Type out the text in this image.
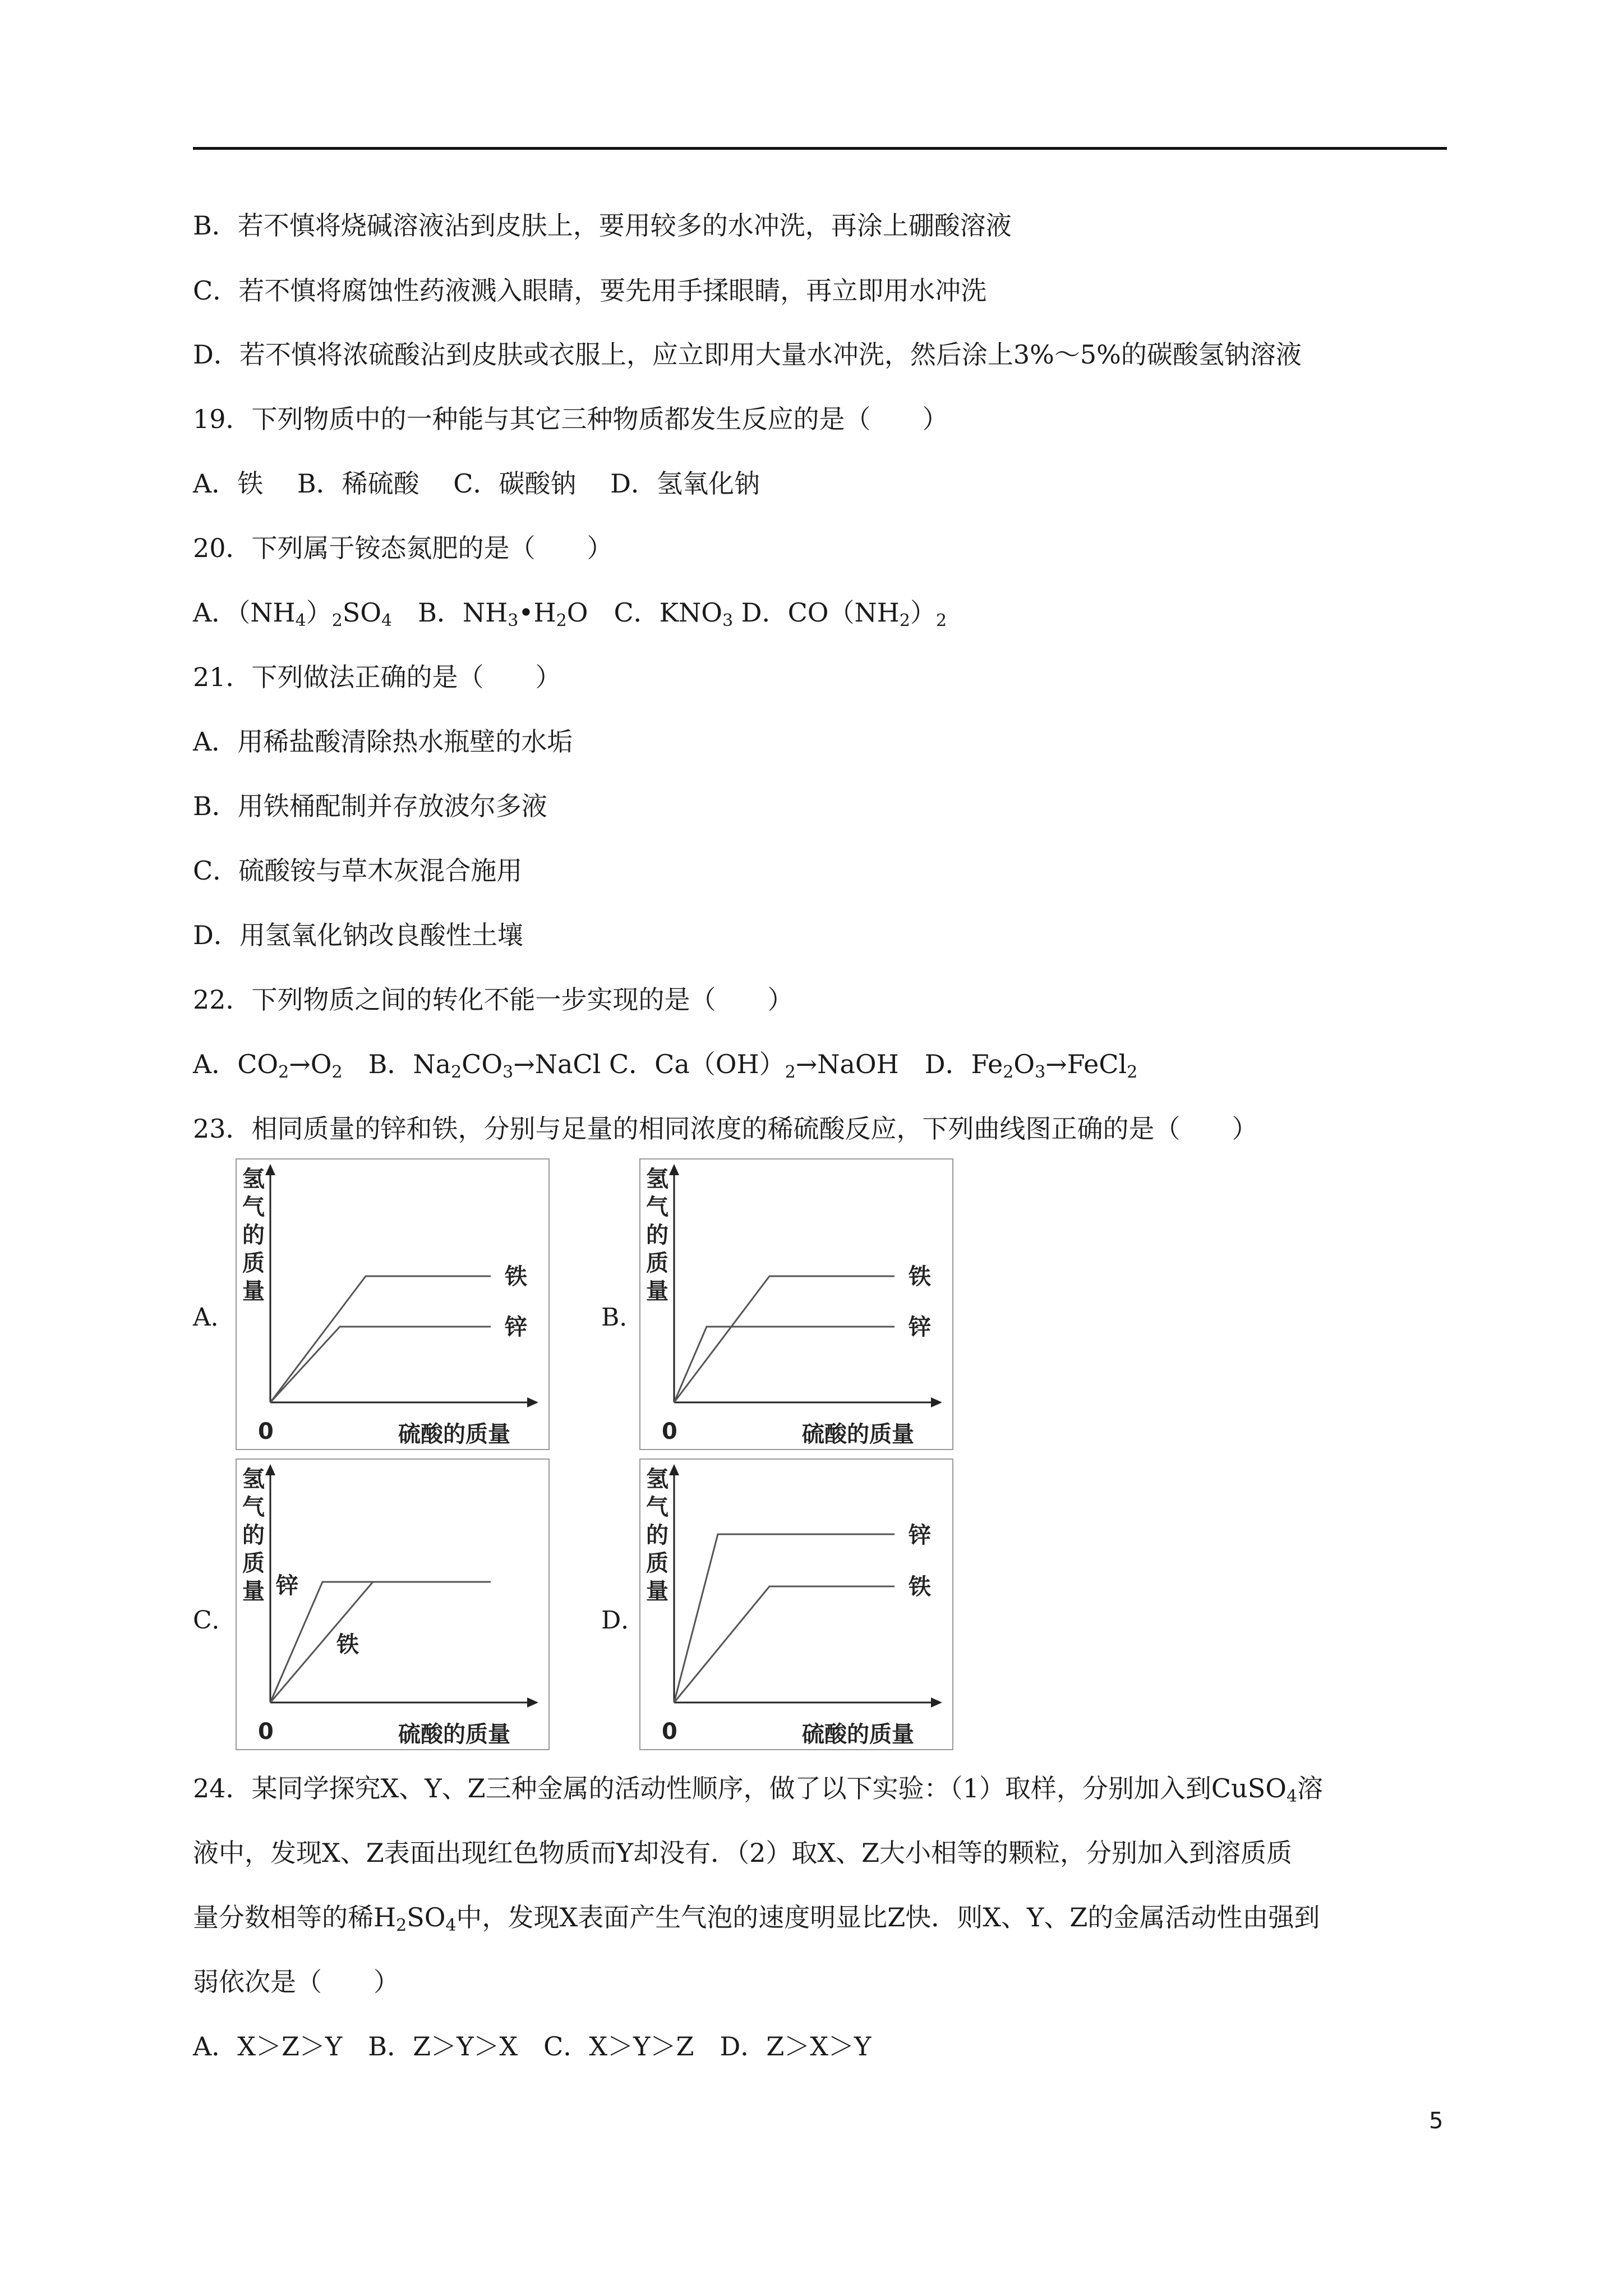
B．若不慎将烧碱溶液沾到皮肤上，要用较多的水冲洗，再涂上硼酸溶液
C．若不慎将腐蚀性药液溅入眼睛，要先用手揉眼睛，再立即用水冲洗
D．若不慎将浓硫酸沾到皮肤或衣服上，应立即用大量水冲洗，然后涂上3%～5%的碳酸氢钠溶液
19．下列物质中的一种能与其它三种物质都发生反应的是（　　）
A．铁　 B．稀硫酸　 C．碳酸钠　 D．氢氧化钠
20．下列属于铵态氮肥的是（　　）
A．$(NH_4)_2SO_4$　B．$NH_3•H_2O$　C．$KNO_3$ D．$CO(NH_2)_2$
21．下列做法正确的是（　　）
A．用稀盐酸清除热水瓶壁的水垢
B．用铁桶配制并存放波尔多液
C．硫酸铵与草木灰混合施用
D．用氢氧化钠改良酸性土壤
22．下列物质之间的转化不能一步实现的是（　　）
A．$CO_2\to O_2$　B．$Na_2CO_3\to NaCl$ C．$Ca(OH)_2\to NaOH$　D．$Fe_2O_3\to FeCl_2$
23．相同质量的锌和铁，分别与足量的相同浓度的稀硫酸反应，下列曲线图正确的是（　　）
A．	B．
C．	D．
氢
气
的
质
量
铁
锌
0	硫酸的质量
氢
气
的
质
量
铁
锌
0	硫酸的质量
氢
气
的
质
量 锌
铁
0	硫酸的质量
氢
气
的
质
量
锌
铁
0	硫酸的质量
24．某同学探究X、Y、Z三种金属的活动性顺序，做了以下实验：（1）取样，分别加入到CuSO$_4$溶
液中，发现X、Z表面出现红色物质而Y却没有．（2）取X、Z大小相等的颗粒，分别加入到溶质质
量分数相等的稀$H_2SO_4$中，发现X表面产生气泡的速度明显比Z快．则X、Y、Z的金属活动性由强到
弱依次是（　　）
A．X＞Z＞Y　B．Z＞Y＞X　C．X＞Y＞Z　D．Z＞X＞Y
5
